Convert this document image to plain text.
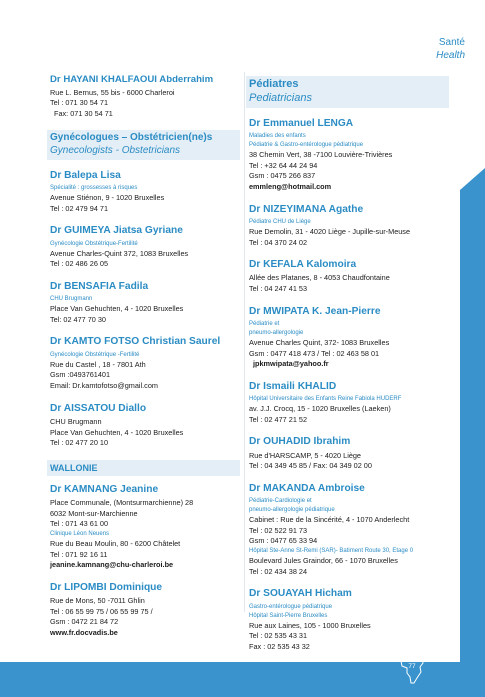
Santé
Health
Dr HAYANI KHALFAOUI Abderrahim
Rue L. Bernus, 55 bis - 6000 Charleroi
Tel : 071 30 54 71
Fax: 071 30 54 71
Gynécologues – Obstétricien(ne)s
Gynecologists - Obstetricians
Dr Balepa Lisa
Spécialité : grossesses à risques
Avenue Stiénon, 9 - 1020 Bruxelles
Tel : 02 479 94 71
Dr GUIMEYA Jiatsa Gyriane
Gynécologie Obstétrique-Fertilité
Avenue Charles-Quint 372, 1083 Bruxelles
Tel : 02 486 26 05
Dr BENSAFIA Fadila
CHU Brugmann
Place Van Gehuchten, 4 - 1020 Bruxelles
Tel: 02 477 70 30
Dr KAMTO FOTSO Christian Saurel
Gynécologie Obstétrique -Fertilité
Rue du Castel , 18 - 7801 Ath
Gsm :0493761401
Email: Dr.kamtofotso@gmail.com
Dr AISSATOU Diallo
CHU Brugmann
Place Van Gehuchten, 4 - 1020 Bruxelles
Tel : 02 477 20 10
WALLONIE
Dr KAMNANG Jeanine
Place Communale, (Montsurmarchienne) 28
6032 Mont-sur-Marchienne
Tel : 071 43 61 00
Clinique Léon Neuens
Rue du Beau Moulin, 80 - 6200 Châtelet
Tel : 071 92 16 11
jeanine.kamnang@chu-charleroi.be
Dr LIPOMBI Dominique
Rue de Mons, 50 -7011 Ghlin
Tel : 06 55 99 75 / 06 55 99 75 /
Gsm : 0472 21 84 72
www.fr.docvadis.be
Pédiatres
Pediatricians
Dr Emmanuel LENGA
Maladies des enfants
Pédiatrie & Gastro-entérologue pédiatrique
38 Chemin Vert, 38 -7100 Louvière-Trivières
Tel : +32 64 44 24 94
Gsm : 0475 266 837
emmleng@hotmail.com
Dr NIZEYIMANA Agathe
Pédiatre CHU de Liège
Rue Demolin, 31 - 4020 Liège - Jupille-sur-Meuse
Tel : 04 370 24 02
Dr KEFALA Kalomoira
Allée des Platanes, 8 - 4053 Chaudfontaine
Tel : 04 247 41 53
Dr MWIPATA K. Jean-Pierre
Pédiatrie et
pneumo-allergologie
Avenue Charles Quint, 372- 1083 Bruxelles
Gsm : 0477 418 473 / Tel : 02 463 58 01
jpkmwipata@yahoo.fr
Dr Ismaili KHALID
Hôpital Universitaire des Enfants Reine Fabiola HUDERF
av. J.J. Crocq, 15 - 1020 Bruxelles (Laeken)
Tel : 02 477 21 52
Dr OUHADID Ibrahim
Rue d'HARSCAMP, 5 - 4020 Liège
Tel : 04 349 45 85 / Fax: 04 349 02 00
Dr MAKANDA Ambroise
Pédiatrie-Cardiologie et
pneumo-allergologie pédiatrique
Cabinet : Rue de la Sincérité, 4 - 1070 Anderlecht
Tel : 02 522 91 73
Gsm : 0477 65 33 94
Hôpital Ste-Anne St-Remi (SAR)- Batiment Route 30, Etage 0
Boulevard Jules Graindor, 66 - 1070 Bruxelles
Tel : 02 434 38 24
Dr SOUAYAH Hicham
Gastro-entérologue pédiatrique
Hôpital Saint-Pierre Bruxelles
Rue aux Laines, 105 - 1000 Bruxelles
Tel : 02 535 43 31
Fax : 02 535 43 32
77
